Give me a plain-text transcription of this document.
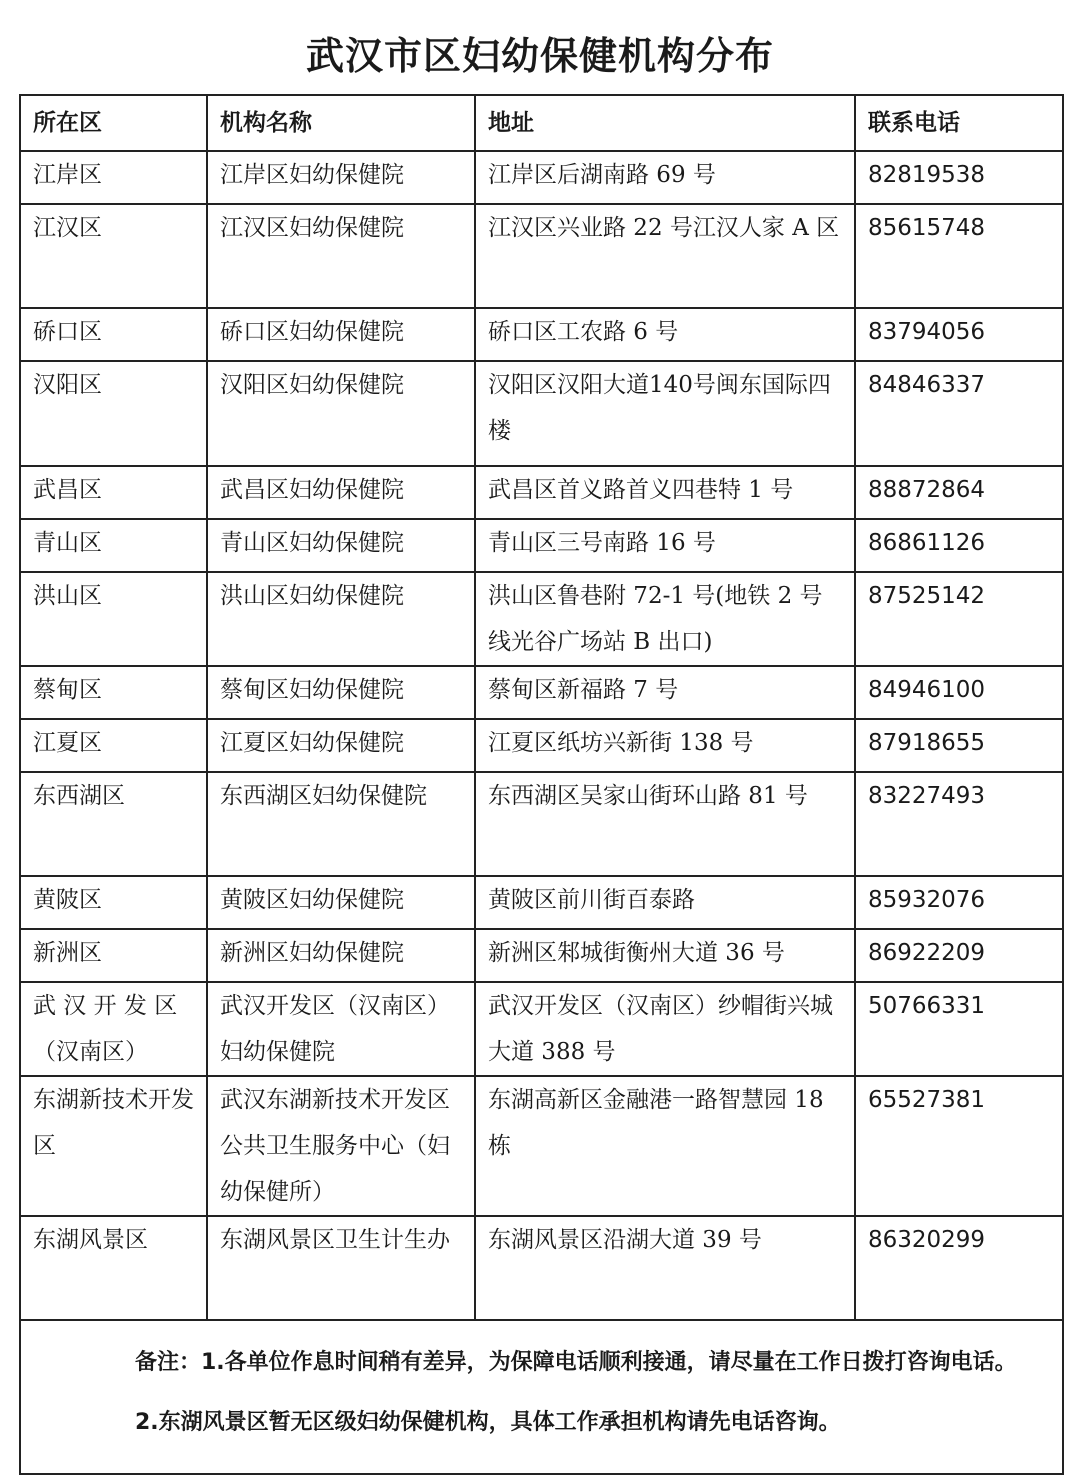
武汉市区妇幼保健机构分布
所在区	机构名称	地址	联系电话
江岸区	江岸区妇幼保健院	江岸区后湖南路 69 号	82819538
江汉区	江汉区妇幼保健院	江汉区兴业路 22 号江汉人家 A 区	85615748
硚口区	硚口区妇幼保健院	硚口区工农路 6 号	83794056
汉阳区	汉阳区妇幼保健院	汉阳区汉阳大道140号闽东国际四楼	84846337
武昌区	武昌区妇幼保健院	武昌区首义路首义四巷特 1 号	88872864
青山区	青山区妇幼保健院	青山区三号南路 16 号	86861126
洪山区	洪山区妇幼保健院	洪山区鲁巷附 72-1 号(地铁 2 号线光谷广场站 B 出口)	87525142
蔡甸区	蔡甸区妇幼保健院	蔡甸区新福路 7 号	84946100
江夏区	江夏区妇幼保健院	江夏区纸坊兴新街 138 号	87918655
东西湖区	东西湖区妇幼保健院	东西湖区吴家山街环山路 81 号	83227493
黄陂区	黄陂区妇幼保健院	黄陂区前川街百泰路	85932076
新洲区	新洲区妇幼保健院	新洲区邾城街衡州大道 36 号	86922209
武 汉 开 发 区（汉南区）	武汉开发区（汉南区）妇幼保健院	武汉开发区（汉南区）纱帽街兴城大道 388 号	50766331
东湖新技术开发区	武汉东湖新技术开发区公共卫生服务中心（妇幼保健所）	东湖高新区金融港一路智慧园 18 栋	65527381
东湖风景区	东湖风景区卫生计生办	东湖风景区沿湖大道 39 号	86320299

备注：1.各单位作息时间稍有差异，为保障电话顺利接通，请尽量在工作日拨打咨询电话。
2.东湖风景区暂无区级妇幼保健机构，具体工作承担机构请先电话咨询。			
